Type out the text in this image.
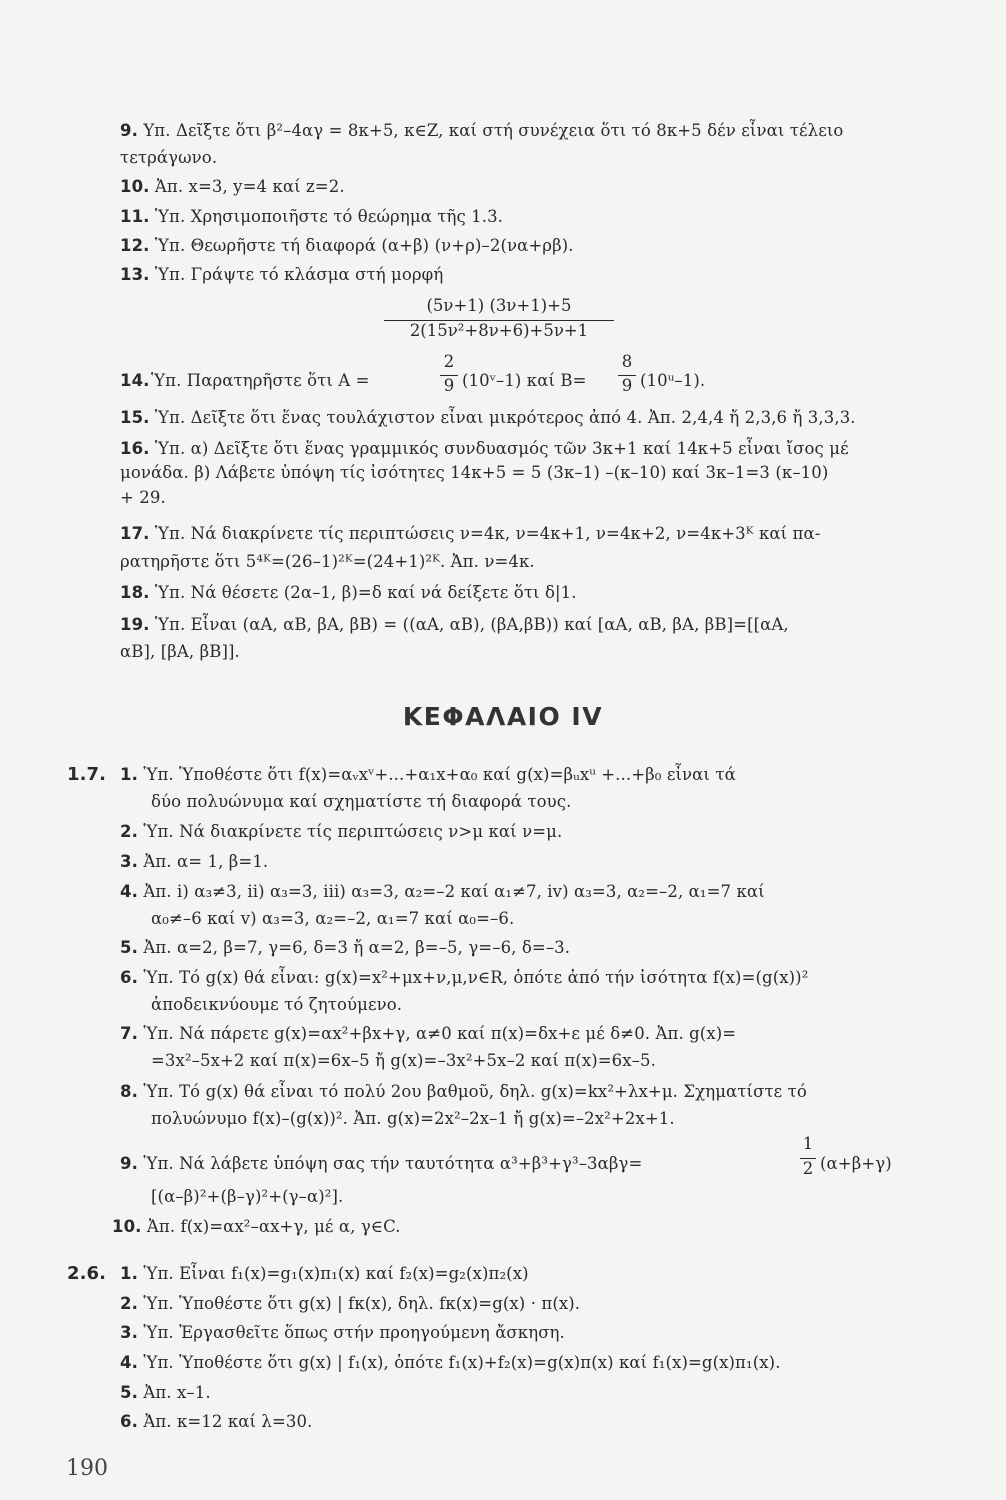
9. Υπ. Δεῖξτε ὅτι β²–4αγ = 8κ+5, κ∈Z, καί στή συνέχεια ὅτι τό 8κ+5 δέν εἶναι τέλειο
τετράγωνο.
10. Ἀπ. x=3, y=4 καί z=2.
11. Ὑπ. Χρησιμοποιῆστε τό θεώρημα τῆς 1.3.
12. Ὑπ. Θεωρῆστε τή διαφορά (α+β) (ν+ρ)–2(να+ρβ).
13. Ὑπ. Γράψτε τό κλάσμα στή μορφή
(5ν+1) (3ν+1)+5
2(15ν²+8ν+6)+5ν+1
14. Ὑπ. Παρατηρῆστε ὅτι A =
2
9 (10ᵛ–1) καί B=
8
9 (10ᵘ–1).
15. Ὑπ. Δεῖξτε ὅτι ἕνας τουλάχιστον εἶναι μικρότερος ἀπό 4. Ἀπ. 2,4,4 ἤ 2,3,6 ἤ 3,3,3.
16. Ὑπ. α) Δεῖξτε ὅτι ἕνας γραμμικός συνδυασμός τῶν 3κ+1 καί 14κ+5 εἶναι ἴσος μέ
μονάδα. β) Λάβετε ὑπόψη τίς ἰσότητες 14κ+5 = 5 (3κ–1) –(κ–10) καί 3κ–1=3 (κ–10)
+ 29.
17. Ὑπ. Νά διακρίνετε τίς περιπτώσεις ν=4κ, ν=4κ+1, ν=4κ+2, ν=4κ+3ᴷ καί πα-
ρατηρῆστε ὅτι 5⁴ᴷ=(26–1)²ᴷ=(24+1)²ᴷ. Ἀπ. ν=4κ.
18. Ὑπ. Νά θέσετε (2α–1, β)=δ καί νά δείξετε ὅτι δ|1.
19. Ὑπ. Εἶναι (αA, αB, βA, βB) = ((αA, αB), (βA,βB)) καί [αA, αB, βA, βB]=[[αA,
αB], [βA, βB]].
ΚΕΦΑΛΑΙΟ IV
1.7. 1. Ὑπ. Ὑποθέστε ὅτι f(x)=αᵥxᵛ+...+α₁x+α₀ καί g(x)=βᵤxᵘ +...+β₀ εἶναι τά
δύο πολυώνυμα καί σχηματίστε τή διαφορά τους.
2. Ὑπ. Νά διακρίνετε τίς περιπτώσεις ν>μ καί ν=μ.
3. Ἀπ. α= 1, β=1.
4. Ἀπ. i) α₃≠3, ii) α₃=3, iii) α₃=3, α₂=–2 καί α₁≠7, iv) α₃=3, α₂=–2, α₁=7 καί
α₀≠–6 καί v) α₃=3, α₂=–2, α₁=7 καί α₀=–6.
5. Ἀπ. α=2, β=7, γ=6, δ=3 ἤ α=2, β=–5, γ=–6, δ=–3.
6. Ὑπ. Τό g(x) θά εἶναι: g(x)=x²+μx+ν,μ,ν∈R, ὁπότε ἀπό τήν ἰσότητα f(x)=(g(x))²
ἀποδεικνύουμε τό ζητούμενο.
7. Ὑπ. Νά πάρετε g(x)=αx²+βx+γ, α≠0 καί π(x)=δx+ε μέ δ≠0. Ἀπ. g(x)=
=3x²–5x+2 καί π(x)=6x–5 ἤ g(x)=–3x²+5x–2 καί π(x)=6x–5.
8. Ὑπ. Τό g(x) θά εἶναι τό πολύ 2ου βαθμοῦ, δηλ. g(x)=kx²+λx+μ. Σχηματίστε τό
πολυώνυμο f(x)–(g(x))². Ἀπ. g(x)=2x²–2x–1 ἤ g(x)=–2x²+2x+1.
9. Ὑπ. Νά λάβετε ὑπόψη σας τήν ταυτότητα α³+β³+γ³–3αβγ=
1
2 (α+β+γ)
[(α–β)²+(β–γ)²+(γ–α)²].
10. Ἀπ. f(x)=αx²–αx+γ, μέ α, γ∈C.
2.6. 1. Ὑπ. Εἶναι f₁(x)=g₁(x)π₁(x) καί f₂(x)=g₂(x)π₂(x)
2. Ὑπ. Ὑποθέστε ὅτι g(x) | fᴋ(x), δηλ. fᴋ(x)=g(x) · π(x).
3. Ὑπ. Ἐργασθεῖτε ὅπως στήν προηγούμενη ἄσκηση.
4. Ὑπ. Ὑποθέστε ὅτι g(x) | f₁(x), ὁπότε f₁(x)+f₂(x)=g(x)π(x) καί f₁(x)=g(x)π₁(x).
5. Ἀπ. x–1.
6. Ἀπ. κ=12 καί λ=30.
190
